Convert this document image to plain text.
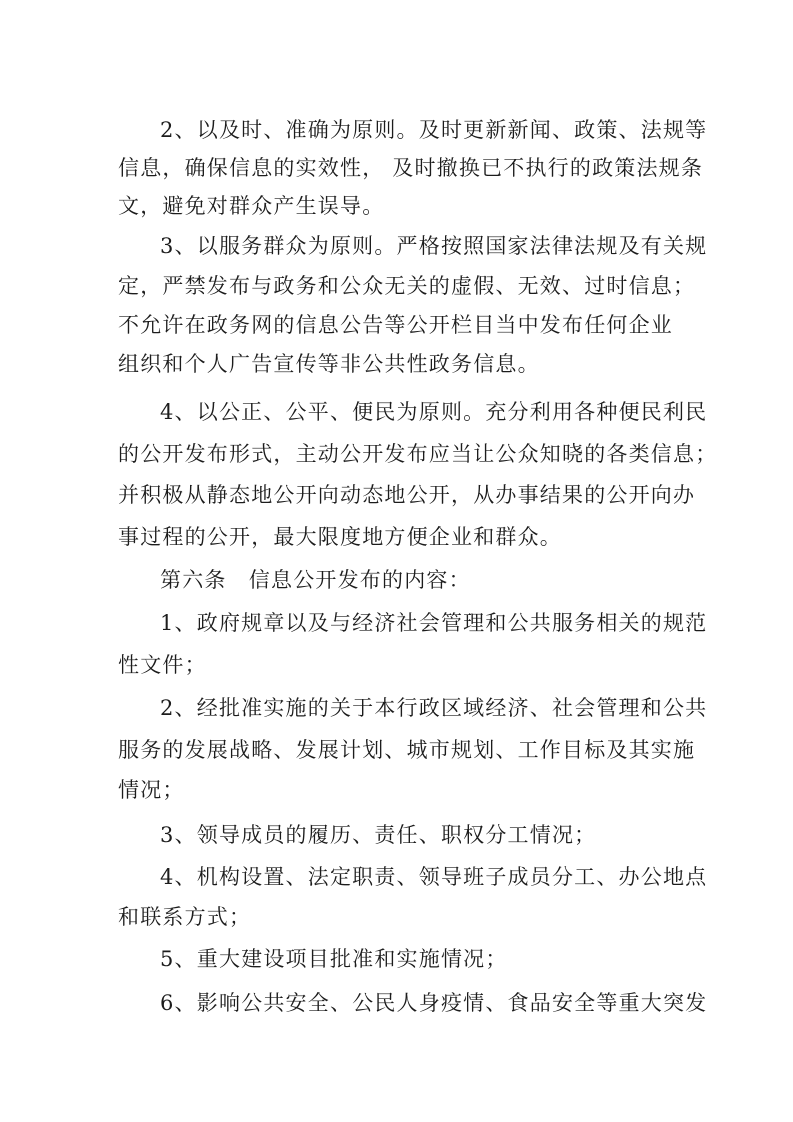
2、以及时、准确为原则。及时更新新闻、政策、法规等
信息，确保信息的实效性， 及时撤换已不执行的政策法规条
文，避免对群众产生误导。
3、以服务群众为原则。严格按照国家法律法规及有关规
定，严禁发布与政务和公众无关的虚假、无效、过时信息；
不允许在政务网的信息公告等公开栏目当中发布任何企业
组织和个人广告宣传等非公共性政务信息。
4、以公正、公平、便民为原则。充分利用各种便民利民
的公开发布形式，主动公开发布应当让公众知晓的各类信息；
并积极从静态地公开向动态地公开，从办事结果的公开向办
事过程的公开，最大限度地方便企业和群众。
第六条　信息公开发布的内容：
1、政府规章以及与经济社会管理和公共服务相关的规范
性文件；
2、经批准实施的关于本行政区域经济、社会管理和公共
服务的发展战略、发展计划、城市规划、工作目标及其实施
情况；
3、领导成员的履历、责任、职权分工情况；
4、机构设置、法定职责、领导班子成员分工、办公地点
和联系方式；
5、重大建设项目批准和实施情况；
6、影响公共安全、公民人身疫情、食品安全等重大突发
